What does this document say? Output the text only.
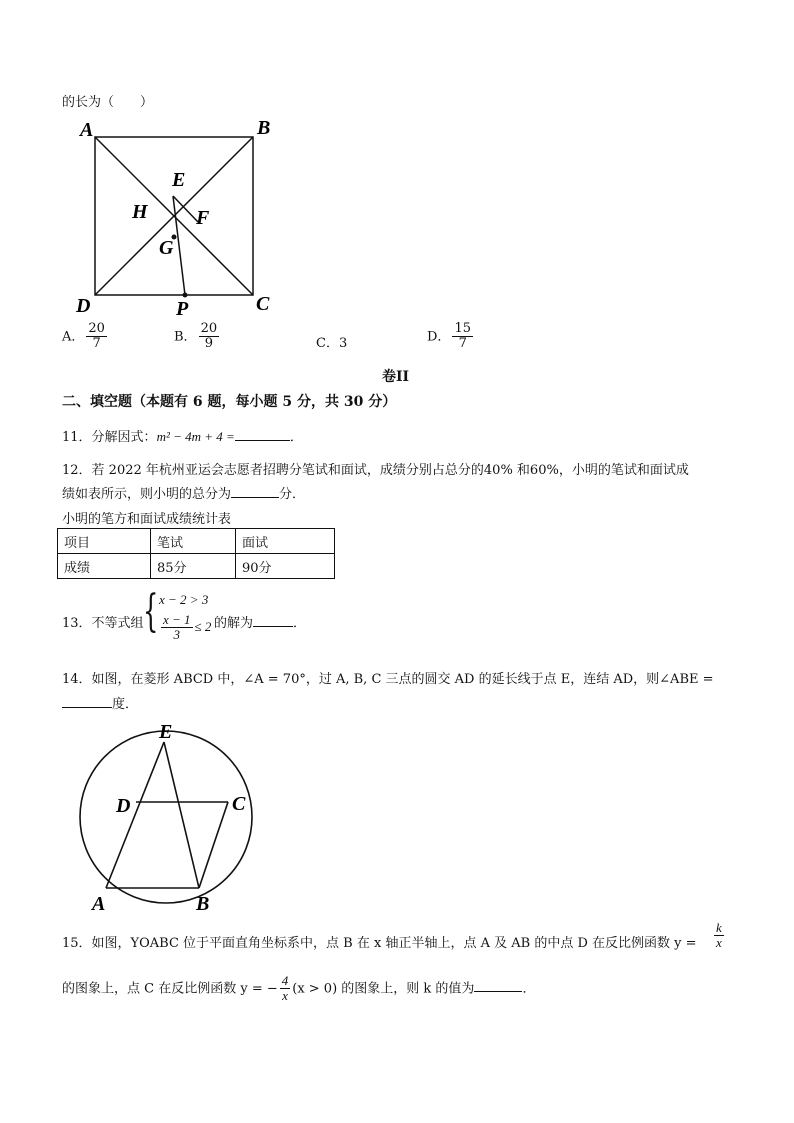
的长为（　　）
A	B
C
D
E
F
G
H
P
A． $\frac{20}{7}$	B． $\frac{20}{9}$	C．3	D． $\frac{15}{7}$
卷II
二、填空题（本题有 6 题，每小题 5 分，共 30 分）
11．分解因式：m² − 4m + 4 =	．
12．若 2022 年杭州亚运会志愿者招聘分笔试和面试，成绩分别占总分的40% 和60%，小明的笔试和面试成
绩如表所示，则小明的总分为	分．
小明的笔方和面试成绩统计表
项目	笔试	面试
成绩	85分	90分
13．不等式组 { x − 2 > 3
$\frac{x - 1}{3} \le 2$ 的解为	．
14．如图，在菱形 ABCD 中，∠A = 70°，过 A, B, C 三点的圆交 AD 的延长线于点 E，连结 AD，则∠ABE =
度．
A	B
C
D
E
15．如图，YOABC 位于平面直角坐标系中，点 B 在 x 轴正半轴上，点 A 及 AB 的中点 D 在反比例函数 $y = \frac{k}{x}$
的图象上，点 C 在反比例函数 y = − $\frac{4}{x} (x > 0)$ 的图象上，则 k 的值为	．
